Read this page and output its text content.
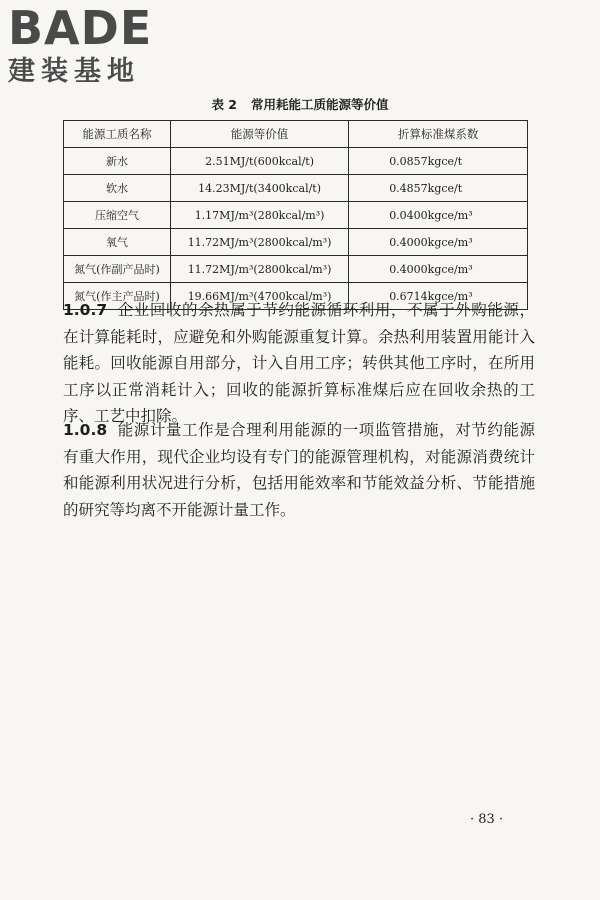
BADE
建装基地
表 2 常用耗能工质能源等价值
能源工质名称	能源等价值	折算标准煤系数
新水	2.51MJ/t(600kcal/t)	0.0857kgce/t
软水	14.23MJ/t(3400kcal/t)	0.4857kgce/t
压缩空气	1.17MJ/m³(280kcal/m³)	0.0400kgce/m³
氧气	11.72MJ/m³(2800kcal/m³)	0.4000kgce/m³
氮气(作副产品时)	11.72MJ/m³(2800kcal/m³)	0.4000kgce/m³
氮气(作主产品时)	19.66MJ/m³(4700kcal/m³)	0.6714kgce/m³
1.0.7 企业回收的余热属于节约能源循环利用，不属于外购能源，在计算能耗时，应避免和外购能源重复计算。余热利用装置用能计入能耗。回收能源自用部分，计入自用工序；转供其他工序时，在所用工序以正常消耗计入；回收的能源折算标准煤后应在回收余热的工序、工艺中扣除。
1.0.8 能源计量工作是合理利用能源的一项监管措施，对节约能源有重大作用，现代企业均设有专门的能源管理机构，对能源消费统计和能源利用状况进行分析，包括用能效率和节能效益分析、节能措施的研究等均离不开能源计量工作。
· 83 ·
